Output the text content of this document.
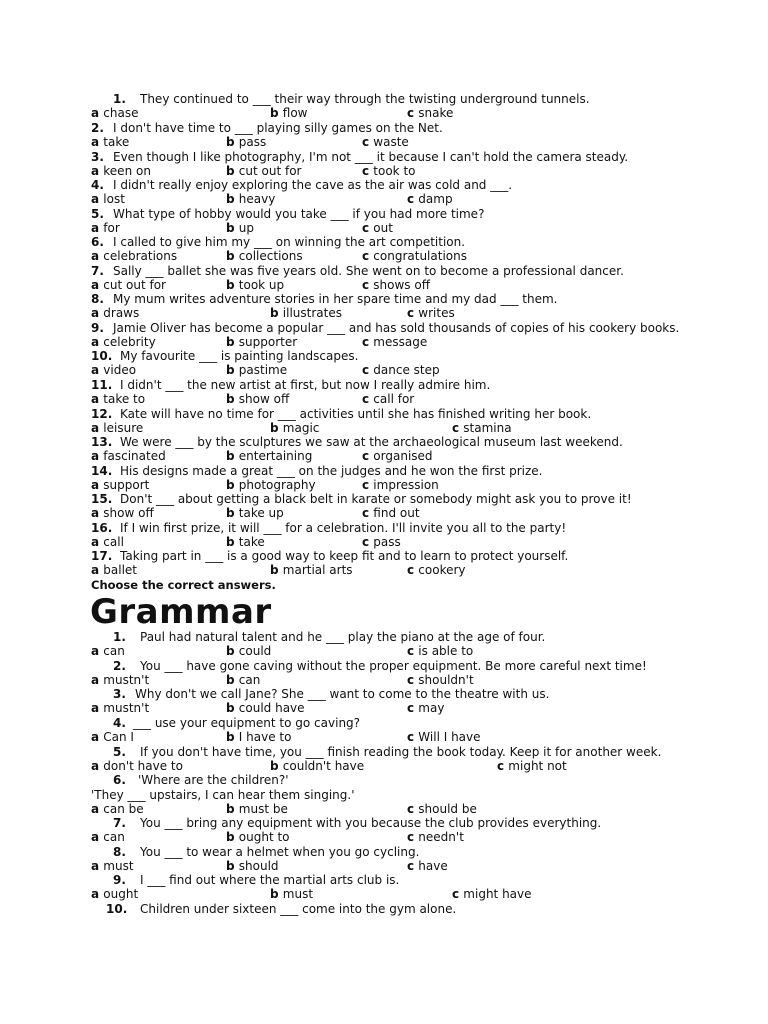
1. They continued to ___ their way through the twisting underground tunnels.
a chase	b flow	c snake
2. I don't have time to ___ playing silly games on the Net.
a take	b pass	c waste
3. Even though I like photography, I'm not ___ it because I can't hold the camera steady.
a keen on	b cut out for	c took to
4. I didn't really enjoy exploring the cave as the air was cold and ___.
a lost	b heavy	c damp
5. What type of hobby would you take ___ if you had more time?
a for	b up	c out
6. I called to give him my ___ on winning the art competition.
a celebrations	b collections	c congratulations
7. Sally ___ ballet she was five years old. She went on to become a professional dancer.
a cut out for	b took up	c shows off
8. My mum writes adventure stories in her spare time and my dad ___ them.
a draws	b illustrates	c writes
9. Jamie Oliver has become a popular ___ and has sold thousands of copies of his cookery books.
a celebrity	b supporter	c message
10. My favourite ___ is painting landscapes.
a video	b pastime	c dance step
11. I didn't ___ the new artist at first, but now I really admire him.
a take to	b show off	c call for
12. Kate will have no time for ___ activities until she has finished writing her book.
a leisure	b magic	c stamina
13. We were ___ by the sculptures we saw at the archaeological museum last weekend.
a fascinated	b entertaining	c organised
14. His designs made a great ___ on the judges and he won the first prize.
a support	b photography	c impression
15. Don't ___ about getting a black belt in karate or somebody might ask you to prove it!
a show off	b take up	c find out
16. If I win first prize, it will ___ for a celebration. I'll invite you all to the party!
a call	b take	c pass
17. Taking part in ___ is a good way to keep fit and to learn to protect yourself.
a ballet	b martial arts	c cookery
Choose the correct answers.
Grammar
1. Paul had natural talent and he ___ play the piano at the age of four.
a can	b could	c is able to
2. You ___ have gone caving without the proper equipment. Be more careful next time!
a mustn't	b can	c shouldn't
3. Why don't we call Jane? She ___ want to come to the theatre with us.
a mustn't	b could have	c may
4. ___ use your equipment to go caving?
a Can I	b I have to	c Will I have
5. If you don't have time, you ___ finish reading the book today. Keep it for another week.
a don't have to	b couldn't have	c might not
6. 'Where are the children?'
'They ___ upstairs, I can hear them singing.'
a can be	b must be	c should be
7. You ___ bring any equipment with you because the club provides everything.
a can	b ought to	c needn't
8. You ___ to wear a helmet when you go cycling.
a must	b should	c have
9. I ___ find out where the martial arts club is.
a ought	b must	c might have
10. Children under sixteen ___ come into the gym alone.
